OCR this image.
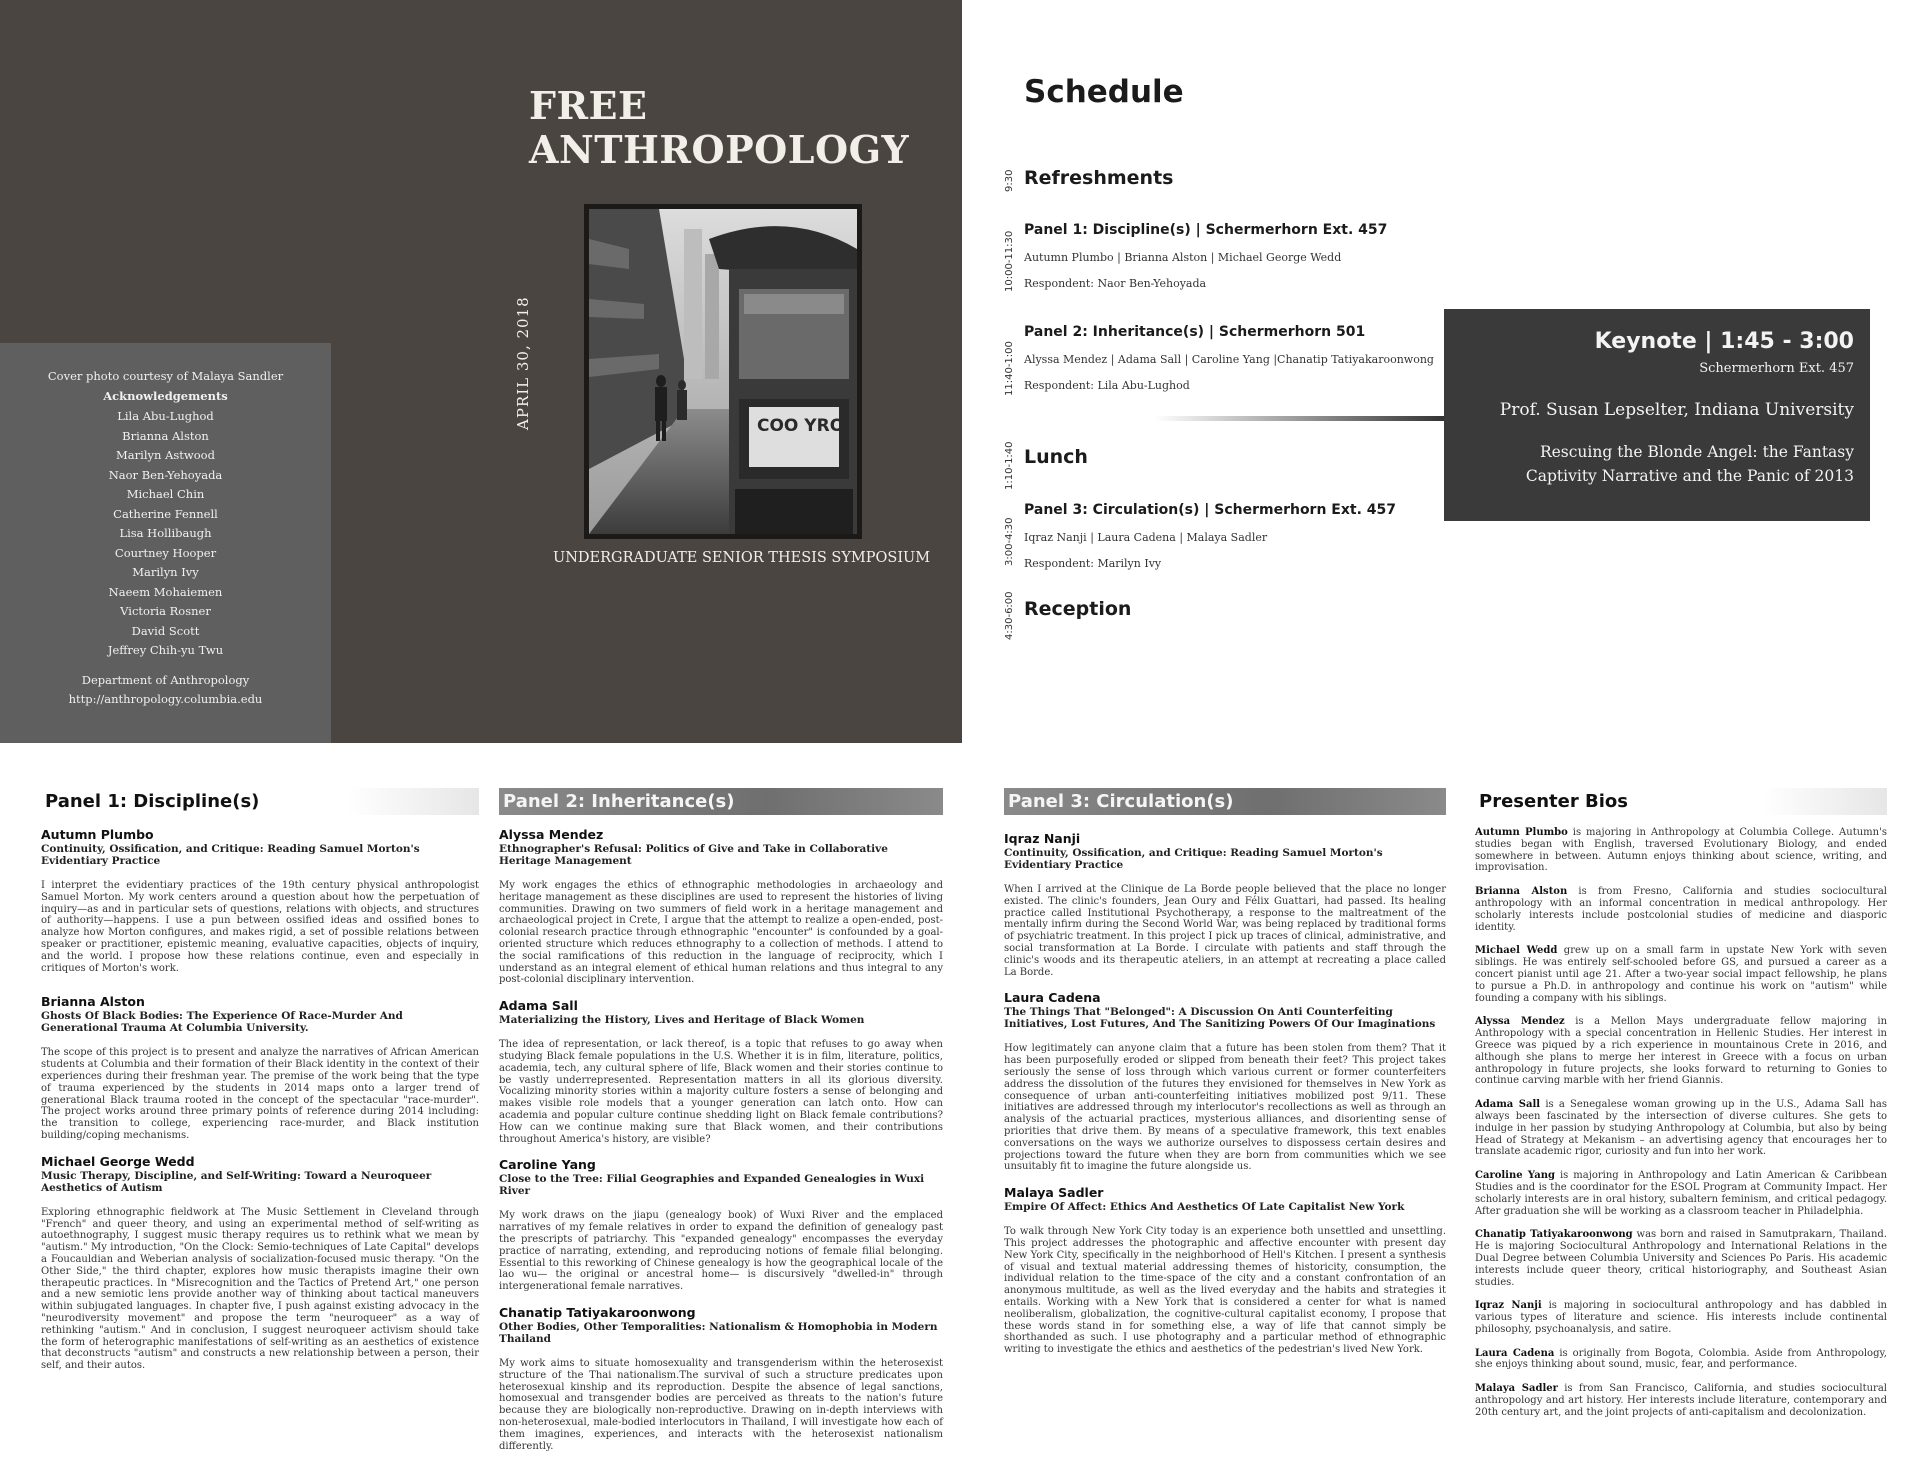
FREE
ANTHROPOLOGY
APRIL 30, 2018	COO YRO
UNDERGRADUATE SENIOR THESIS SYMPOSIUM
Cover photo courtesy of Malaya Sandler
Acknowledgements
Lila Abu-Lughod
Brianna Alston
Marilyn Astwood
Naor Ben-Yehoyada
Michael Chin
Catherine Fennell
Lisa Hollibaugh
Courtney Hooper
Marilyn Ivy
Naeem Mohaiemen
Victoria Rosner
David Scott
Jeffrey Chih-yu Twu
Department of Anthropology
http://anthropology.columbia.edu
Schedule
9:30 Refreshments
10:00-11:30
Panel 1: Discipline(s) | Schermerhorn Ext. 457
Autumn Plumbo | Brianna Alston | Michael George Wedd
Respondent: Naor Ben-Yehoyada
11:40-1:00
Panel 2: Inheritance(s) | Schermerhorn 501
Alyssa Mendez | Adama Sall | Caroline Yang |Chanatip Tatiyakaroonwong
Respondent: Lila Abu-Lughod
1:10-1:40 Lunch
3:00-4:30
Panel 3: Circulation(s) | Schermerhorn Ext. 457
Iqraz Nanji | Laura Cadena | Malaya Sadler
Respondent: Marilyn Ivy
4:30-6:00 Reception
Keynote | 1:45 - 3:00
Schermerhorn Ext. 457
Prof. Susan Lepselter, Indiana University
Rescuing the Blonde Angel: the Fantasy
Captivity Narrative and the Panic of 2013
Panel 1: Discipline(s)
Autumn Plumbo
Continuity, Ossification, and Critique: Reading Samuel Morton's Evidentiary Practice
I interpret the evidentiary practices of the 19th century physical anthropologist Samuel Morton. My work centers around a question about how the perpetuation of inquiry—as and in particular sets of questions, relations with objects, and structures of authority—happens. I use a pun between ossified ideas and ossified bones to analyze how Morton configures, and makes rigid, a set of possible relations between speaker or practitioner, epistemic meaning, evaluative capacities, objects of inquiry, and the world. I propose how these relations continue, even and especially in critiques of Morton's work.
Brianna Alston
Ghosts Of Black Bodies: The Experience Of Race-Murder And Generational Trauma At Columbia University.
The scope of this project is to present and analyze the narratives of African American students at Columbia and their formation of their Black identity in the context of their experiences during their freshman year. The premise of the work being that the type of trauma experienced by the students in 2014 maps onto a larger trend of generational Black trauma rooted in the concept of the spectacular "race-murder". The project works around three primary points of reference during 2014 including: the transition to college, experiencing race-murder, and Black institution building/coping mechanisms.
Michael George Wedd
Music Therapy, Discipline, and Self-Writing: Toward a Neuroqueer Aesthetics of Autism
Exploring ethnographic fieldwork at The Music Settlement in Cleveland through "French" and queer theory, and using an experimental method of self-writing as autoethnography, I suggest music therapy requires us to rethink what we mean by "autism." My introduction, "On the Clock: Semio-techniques of Late Capital" develops a Foucauldian and Weberian analysis of socialization-focused music therapy. "On the Other Side," the third chapter, explores how music therapists imagine their own therapeutic practices. In "Misrecognition and the Tactics of Pretend Art," one person and a new semiotic lens provide another way of thinking about tactical maneuvers within subjugated languages. In chapter five, I push against existing advocacy in the "neurodiversity movement" and propose the term "neuroqueer" as a way of rethinking "autism." And in conclusion, I suggest neuroqueer activism should take the form of heterographic manifestations of self-writing as an aesthetics of existence that deconstructs "autism" and constructs a new relationship between a person, their self, and their autos.
Panel 2: Inheritance(s)
Alyssa Mendez
Ethnographer's Refusal: Politics of Give and Take in Collaborative Heritage Management
My work engages the ethics of ethnographic methodologies in archaeology and heritage management as these disciplines are used to represent the histories of living communities. Drawing on two summers of field work in a heritage management and archaeological project in Crete, I argue that the attempt to realize a open-ended, post-colonial research practice through ethnographic "encounter" is confounded by a goal-oriented structure which reduces ethnography to a collection of methods. I attend to the social ramifications of this reduction in the language of reciprocity, which I understand as an integral element of ethical human relations and thus integral to any post-colonial disciplinary intervention.
Adama Sall
Materializing the History, Lives and Heritage of Black Women
The idea of representation, or lack thereof, is a topic that refuses to go away when studying Black female populations in the U.S. Whether it is in film, literature, politics, academia, tech, any cultural sphere of life, Black women and their stories continue to be vastly underrepresented. Representation matters in all its glorious diversity. Vocalizing minority stories within a majority culture fosters a sense of belonging and makes visible role models that a younger generation can latch onto. How can academia and popular culture continue shedding light on Black female contributions? How can we continue making sure that Black women, and their contributions throughout America's history, are visible?
Caroline Yang
Close to the Tree: Filial Geographies and Expanded Genealogies in Wuxi River
My work draws on the jiapu (genealogy book) of Wuxi River and the emplaced narratives of my female relatives in order to expand the definition of genealogy past the prescripts of patriarchy. This "expanded genealogy" encompasses the everyday practice of narrating, extending, and reproducing notions of female filial belonging. Essential to this reworking of Chinese genealogy is how the geographical locale of the lao wu— the original or ancestral home— is discursively "dwelled-in" through intergenerational female narratives.
Chanatip Tatiyakaroonwong
Other Bodies, Other Temporalities: Nationalism & Homophobia in Modern Thailand
My work aims to situate homosexuality and transgenderism within the heterosexist structure of the Thai nationalism.The survival of such a structure predicates upon heterosexual kinship and its reproduction. Despite the absence of legal sanctions, homosexual and transgender bodies are perceived as threats to the nation's future because they are biologically non-reproductive. Drawing on in-depth interviews with non-heterosexual, male-bodied interlocutors in Thailand, I will investigate how each of them imagines, experiences, and interacts with the heterosexist nationalism differently.
Panel 3: Circulation(s)
Iqraz Nanji
Continuity, Ossification, and Critique: Reading Samuel Morton's Evidentiary Practice
When I arrived at the Clinique de La Borde people believed that the place no longer existed. The clinic's founders, Jean Oury and Félix Guattari, had passed. Its healing practice called Institutional Psychotherapy, a response to the maltreatment of the mentally infirm during the Second World War, was being replaced by traditional forms of psychiatric treatment. In this project I pick up traces of clinical, administrative, and social transformation at La Borde. I circulate with patients and staff through the clinic's woods and its therapeutic ateliers, in an attempt at recreating a place called La Borde.
Laura Cadena
The Things That "Belonged": A Discussion On Anti Counterfeiting Initiatives, Lost Futures, And The Sanitizing Powers Of Our Imaginations
How legitimately can anyone claim that a future has been stolen from them? That it has been purposefully eroded or slipped from beneath their feet? This project takes seriously the sense of loss through which various current or former counterfeiters address the dissolution of the futures they envisioned for themselves in New York as consequence of urban anti-counterfeiting initiatives mobilized post 9/11. These initiatives are addressed through my interlocutor's recollections as well as through an analysis of the actuarial practices, mysterious alliances, and disorienting sense of priorities that drive them. By means of a speculative framework, this text enables conversations on the ways we authorize ourselves to dispossess certain desires and projections toward the future when they are born from communities which we see unsuitably fit to imagine the future alongside us.
Malaya Sadler
Empire Of Affect: Ethics And Aesthetics Of Late Capitalist New York
To walk through New York City today is an experience both unsettled and unsettling. This project addresses the photographic and affective encounter with present day New York City, specifically in the neighborhood of Hell's Kitchen. I present a synthesis of visual and textual material addressing themes of historicity, consumption, the individual relation to the time-space of the city and a constant confrontation of an anonymous multitude, as well as the lived everyday and the habits and strategies it entails. Working with a New York that is considered a center for what is named neoliberalism, globalization, the cognitive-cultural capitalist economy, I propose that these words stand in for something else, a way of life that cannot simply be shorthanded as such. I use photography and a particular method of ethnographic writing to investigate the ethics and aesthetics of the pedestrian's lived New York.
Presenter Bios
Autumn Plumbo is majoring in Anthropology at Columbia College. Autumn's studies began with English, traversed Evolutionary Biology, and ended somewhere in between. Autumn enjoys thinking about science, writing, and improvisation.
Brianna Alston is from Fresno, California and studies sociocultural anthropology with an informal concentration in medical anthropology. Her scholarly interests include postcolonial studies of medicine and diasporic identity.
Michael Wedd grew up on a small farm in upstate New York with seven siblings. He was entirely self-schooled before GS, and pursued a career as a concert pianist until age 21. After a two-year social impact fellowship, he plans to pursue a Ph.D. in anthropology and continue his work on "autism" while founding a company with his siblings.
Alyssa Mendez is a Mellon Mays undergraduate fellow majoring in Anthropology with a special concentration in Hellenic Studies. Her interest in Greece was piqued by a rich experience in mountainous Crete in 2016, and although she plans to merge her interest in Greece with a focus on urban anthropology in future projects, she looks forward to returning to Gonies to continue carving marble with her friend Giannis.
Adama Sall is a Senegalese woman growing up in the U.S., Adama Sall has always been fascinated by the intersection of diverse cultures. She gets to indulge in her passion by studying Anthropology at Columbia, but also by being Head of Strategy at Mekanism – an advertising agency that encourages her to translate academic rigor, curiosity and fun into her work.
Caroline Yang is majoring in Anthropology and Latin American & Caribbean Studies and is the coordinator for the ESOL Program at Community Impact. Her scholarly interests are in oral history, subaltern feminism, and critical pedagogy. After graduation she will be working as a classroom teacher in Philadelphia.
Chanatip Tatiyakaroonwong was born and raised in Samutprakarn, Thailand. He is majoring Sociocultural Anthropology and International Relations in the Dual Degree between Columbia University and Sciences Po Paris. His academic interests include queer theory, critical historiography, and Southeast Asian studies.
Iqraz Nanji is majoring in sociocultural anthropology and has dabbled in various types of literature and science. His interests include continental philosophy, psychoanalysis, and satire.
Laura Cadena is originally from Bogota, Colombia. Aside from Anthropology, she enjoys thinking about sound, music, fear, and performance.
Malaya Sadler is from San Francisco, California, and studies sociocultural anthropology and art history. Her interests include literature, contemporary and 20th century art, and the joint projects of anti-capitalism and decolonization.
